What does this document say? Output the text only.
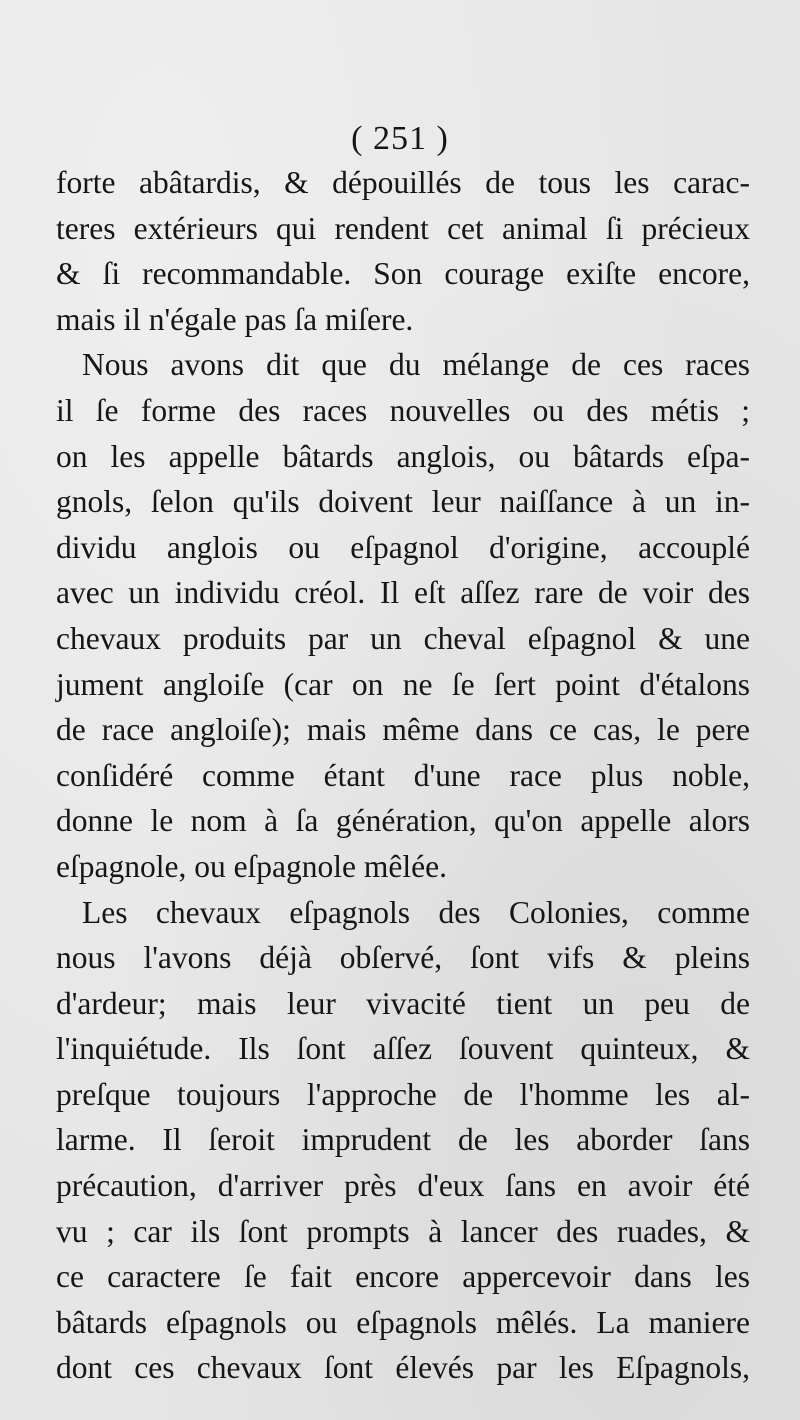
( 251 )
forte abâtardis, & dépouillés de tous les carac-
teres extérieurs qui rendent cet animal ſi précieux
& ſi recommandable. Son courage exiſte encore,
mais il n'égale pas ſa miſere.
Nous avons dit que du mélange de ces races
il ſe forme des races nouvelles ou des métis ;
on les appelle bâtards anglois, ou bâtards eſpa-
gnols, ſelon qu'ils doivent leur naiſſance à un in-
dividu anglois ou eſpagnol d'origine, accouplé
avec un individu créol. Il eſt aſſez rare de voir des
chevaux produits par un cheval eſpagnol & une
jument angloiſe (car on ne ſe ſert point d'étalons
de race angloiſe); mais même dans ce cas, le pere
conſidéré comme étant d'une race plus noble,
donne le nom à ſa génération, qu'on appelle alors
eſpagnole, ou eſpagnole mêlée.
Les chevaux eſpagnols des Colonies, comme
nous l'avons déjà obſervé, ſont vifs & pleins
d'ardeur; mais leur vivacité tient un peu de
l'inquiétude. Ils ſont aſſez ſouvent quinteux, &
preſque toujours l'approche de l'homme les al-
larme. Il ſeroit imprudent de les aborder ſans
précaution, d'arriver près d'eux ſans en avoir été
vu ; car ils ſont prompts à lancer des ruades, &
ce caractere ſe fait encore appercevoir dans les
bâtards eſpagnols ou eſpagnols mêlés. La maniere
dont ces chevaux ſont élevés par les Eſpagnols,
